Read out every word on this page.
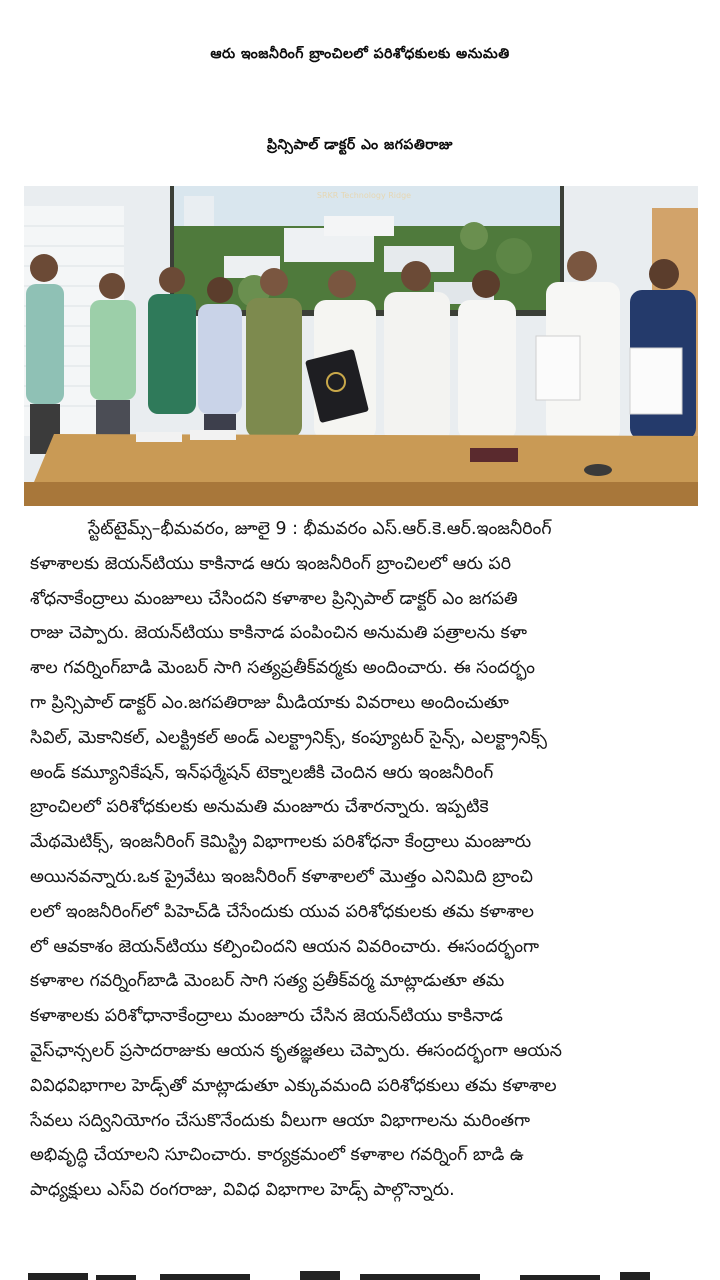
ఆరు ఇంజనీరింగ్ బ్రాంచిలలో పరిశోధకులకు అనుమతి
ప్రిన్సిపాల్ డాక్టర్ ఎం జగపతిరాజు
SRKR Technology Ridge
స్టేట్‌టైమ్స్–భీమవరం, జూలై 9 : భీమవరం ఎస్.ఆర్.కె.ఆర్.ఇంజనీరింగ్
కళాశాలకు జెయన్‌టియు కాకినాడ ఆరు ఇంజనీరింగ్ బ్రాంచిలలో ఆరు పరి
శోధనాకేంద్రాలు మంజూలు చేసిందని కళాశాల ప్రిన్సిపాల్ డాక్టర్ ఎం జగపతి
రాజు చెప్పారు. జెయన్‌టియు కాకినాడ పంపించిన అనుమతి పత్రాలను కళా
శాల గవర్నింగ్‌బాడి మెంబర్ సాగి సత్యప్రతీక్‌వర్మకు అందించారు. ఈ సందర్భం
గా ప్రిన్సిపాల్ డాక్టర్ ఎం.జగపతిరాజు మీడియాకు వివరాలు అందించుతూ
సివిల్, మెకానికల్, ఎలక్ట్రికల్ అండ్ ఎలక్ట్రానిక్స్, కంప్యూటర్ సైన్స్, ఎలక్ట్రానిక్స్
అండ్ కమ్యూనికేషన్, ఇన్‌ఫర్మేషన్ టెక్నాలజీకి చెందిన ఆరు ఇంజనీరింగ్
బ్రాంచిలలో పరిశోధకులకు అనుమతి మంజూరు చేశారన్నారు. ఇప్పటికె
మేథమెటిక్స్, ఇంజనీరింగ్ కెమిస్ట్రి విభాగాలకు పరిశోధనా కేంద్రాలు మంజూరు
అయినవన్నారు.ఒక ప్రైవేటు ఇంజనీరింగ్ కళాశాలలో మొత్తం ఎనిమిది బ్రాంచి
లలో ఇంజనీరింగ్‌లో పిహెచ్‌డి చేసేందుకు యువ పరిశోధకులకు తమ కళాశాల
లో ఆవకాశం జెయన్‌టియు కల్పించిందని ఆయన వివరించారు. ఈసందర్భంగా
కళాశాల గవర్నింగ్‌బాడి మెంబర్ సాగి సత్య ప్రతీక్‌వర్మ మాట్లాడుతూ తమ
కళాశాలకు పరిశోధానాకేంద్రాలు మంజూరు చేసిన జెయన్‌టియు కాకినాడ
వైస్‌ఛాన్సలర్ ప్రసాదరాజుకు ఆయన కృతజ్ఞతలు చెప్పారు. ఈసందర్భంగా ఆయన
వివిధవిభాగాల హెడ్స్‌తో మాట్లాడుతూ ఎక్కువమంది పరిశోధకులు తమ కళాశాల
సేవలు సద్వినియోగం చేసుకొనేందుకు వీలుగా ఆయా విభాగాలను మరింతగా
అభివృద్ధి చేయాలని సూచించారు. కార్యక్రమంలో కళాశాల గవర్నింగ్ బాడి ఉ
పాధ్యక్షులు ఎస్‌వి రంగరాజు, వివిధ విభాగాల హెడ్స్ పాల్గొన్నారు.
